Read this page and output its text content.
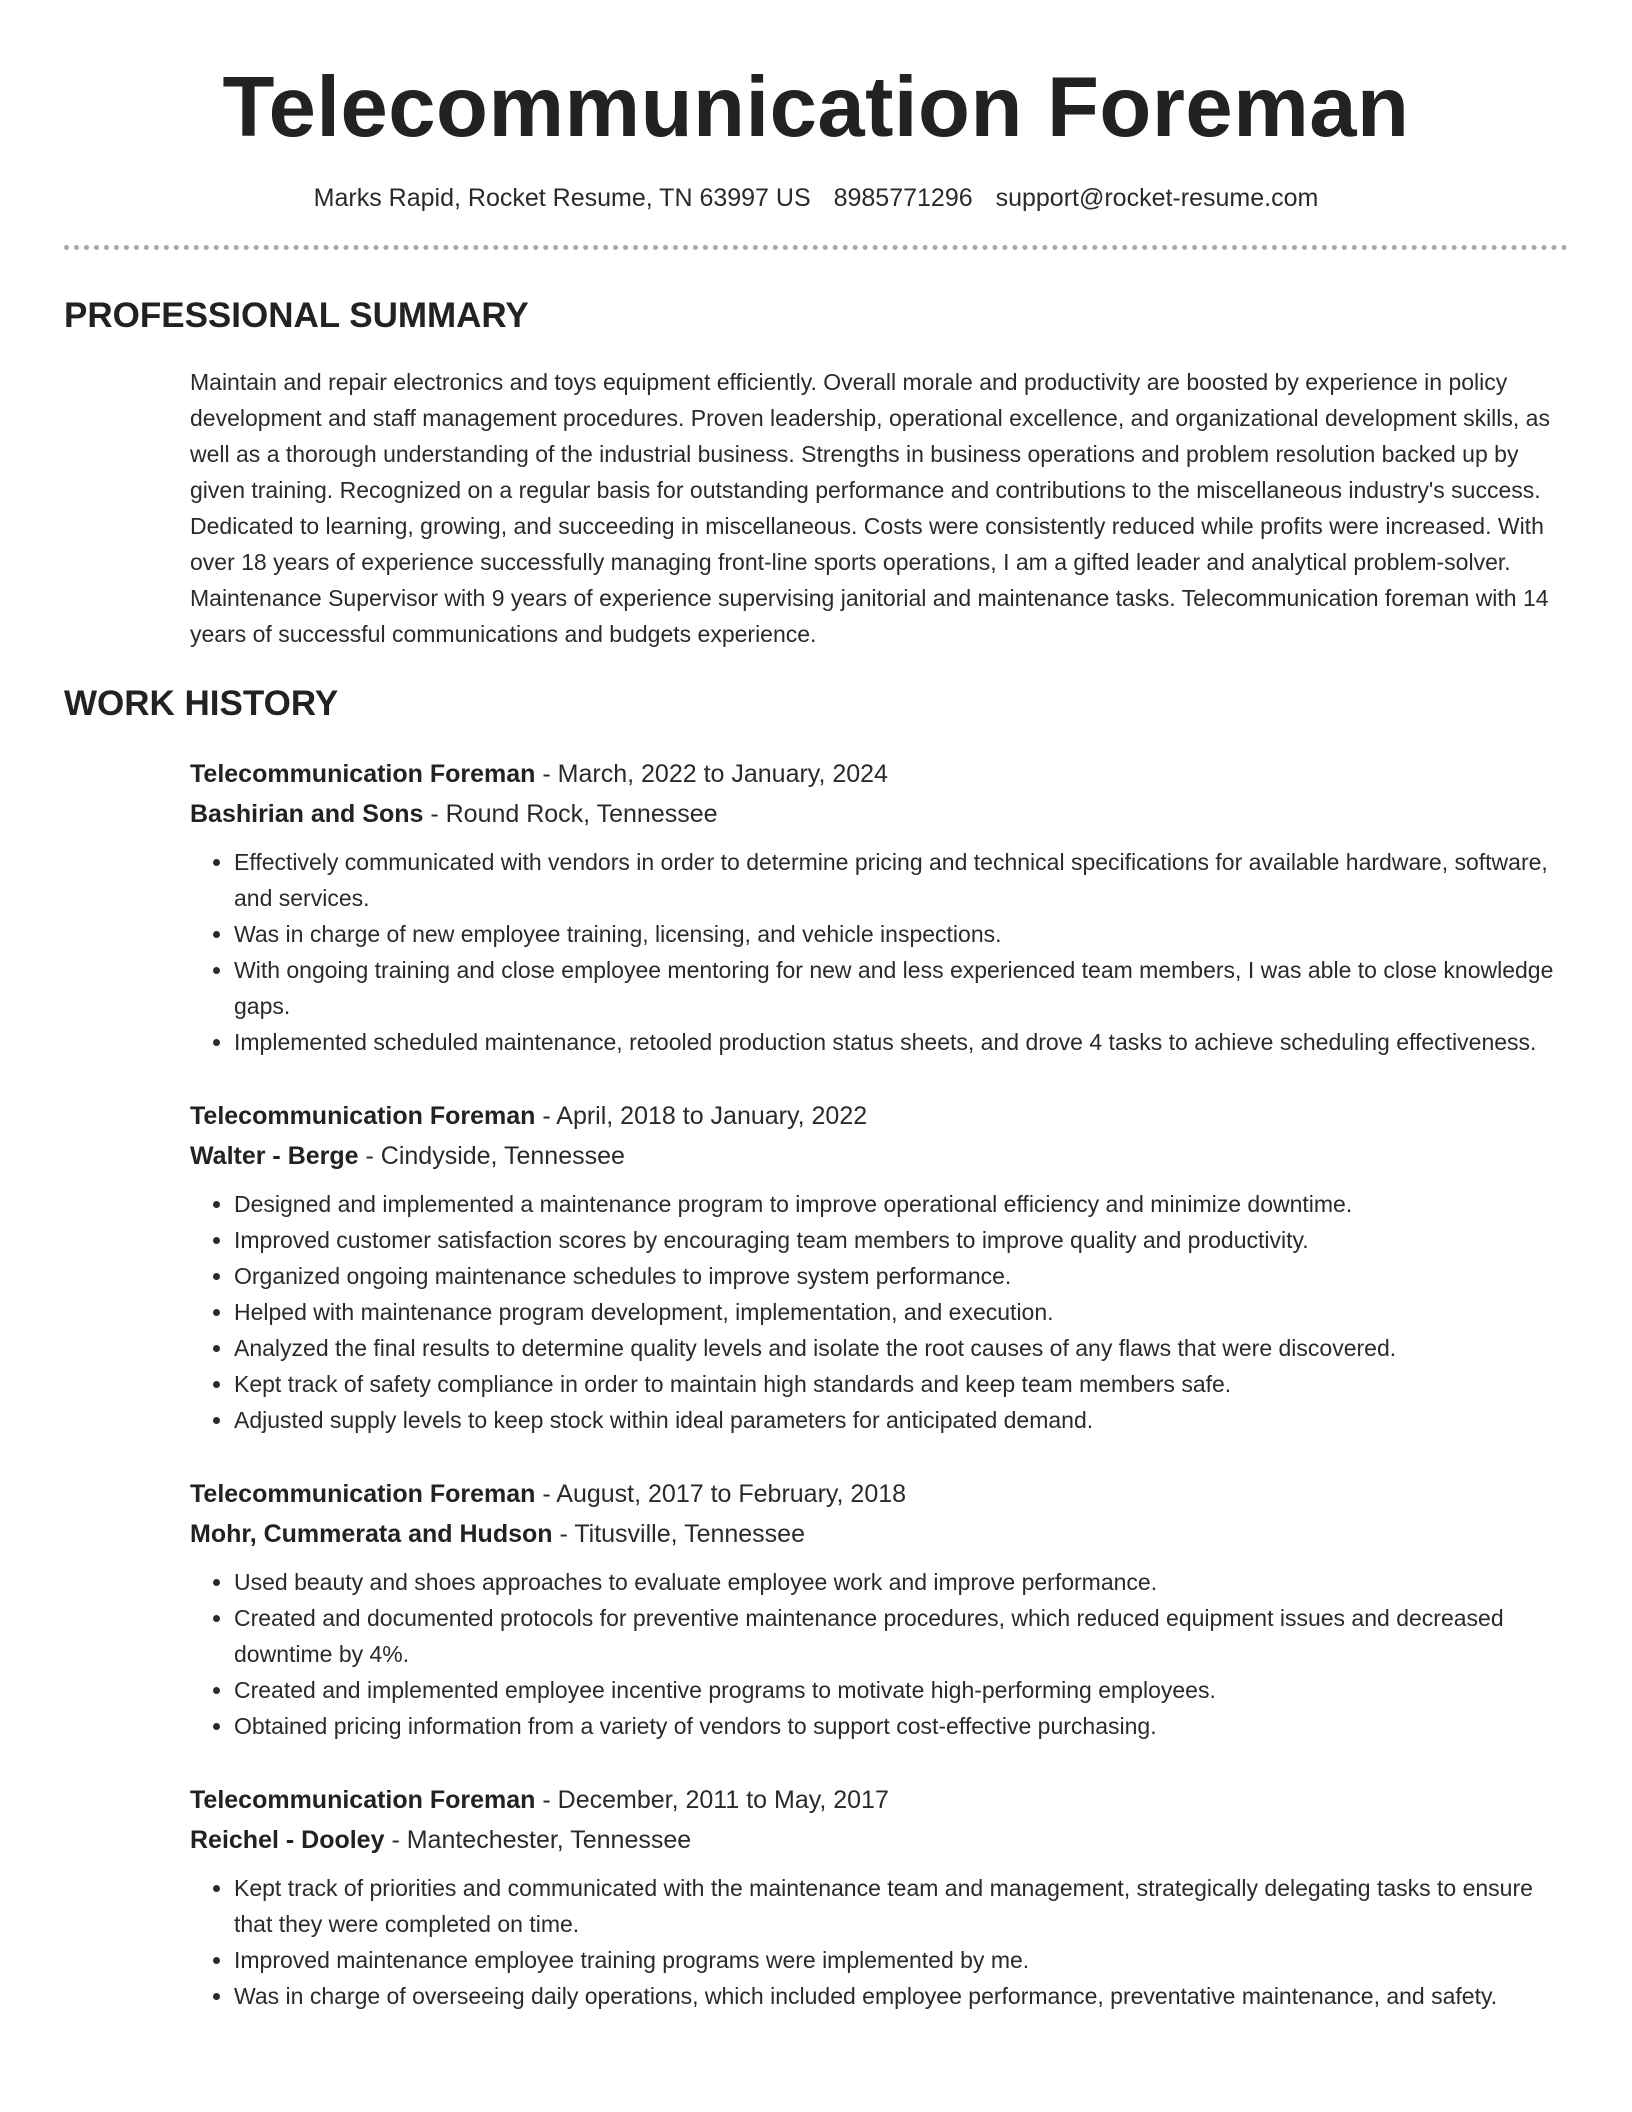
Telecommunication Foreman
Marks Rapid, Rocket Resume, TN 63997 US 8985771296 support@rocket-resume.com
PROFESSIONAL SUMMARY

Maintain and repair electronics and toys equipment efficiently. Overall morale and productivity are boosted by experience in policy development and staff management procedures. Proven leadership, operational excellence, and organizational development skills, as well as a thorough understanding of the industrial business. Strengths in business operations and problem resolution backed up by given training. Recognized on a regular basis for outstanding performance and contributions to the miscellaneous industry's success. Dedicated to learning, growing, and succeeding in miscellaneous. Costs were consistently reduced while profits were increased. With over 18 years of experience successfully managing front-line sports operations, I am a gifted leader and analytical problem-solver. Maintenance Supervisor with 9 years of experience supervising janitorial and maintenance tasks. Telecommunication foreman with 14 years of successful communications and budgets experience.

WORK HISTORY
Telecommunication Foreman - March, 2022 to January, 2024
Bashirian and Sons - Round Rock, Tennessee
• Effectively communicated with vendors in order to determine pricing and technical specifications for available hardware, software, and services.
• Was in charge of new employee training, licensing, and vehicle inspections.
• With ongoing training and close employee mentoring for new and less experienced team members, I was able to close knowledge gaps.
• Implemented scheduled maintenance, retooled production status sheets, and drove 4 tasks to achieve scheduling effectiveness.
Telecommunication Foreman - April, 2018 to January, 2022
Walter - Berge - Cindyside, Tennessee
• Designed and implemented a maintenance program to improve operational efficiency and minimize downtime.
• Improved customer satisfaction scores by encouraging team members to improve quality and productivity.
• Organized ongoing maintenance schedules to improve system performance.
• Helped with maintenance program development, implementation, and execution.
• Analyzed the final results to determine quality levels and isolate the root causes of any flaws that were discovered.
• Kept track of safety compliance in order to maintain high standards and keep team members safe.
• Adjusted supply levels to keep stock within ideal parameters for anticipated demand.
Telecommunication Foreman - August, 2017 to February, 2018
Mohr, Cummerata and Hudson - Titusville, Tennessee
• Used beauty and shoes approaches to evaluate employee work and improve performance.
• Created and documented protocols for preventive maintenance procedures, which reduced equipment issues and decreased downtime by 4%.
• Created and implemented employee incentive programs to motivate high-performing employees.
• Obtained pricing information from a variety of vendors to support cost-effective purchasing.
Telecommunication Foreman - December, 2011 to May, 2017
Reichel - Dooley - Mantechester, Tennessee
• Kept track of priorities and communicated with the maintenance team and management, strategically delegating tasks to ensure that they were completed on time.
• Improved maintenance employee training programs were implemented by me.
• Was in charge of overseeing daily operations, which included employee performance, preventative maintenance, and safety.
